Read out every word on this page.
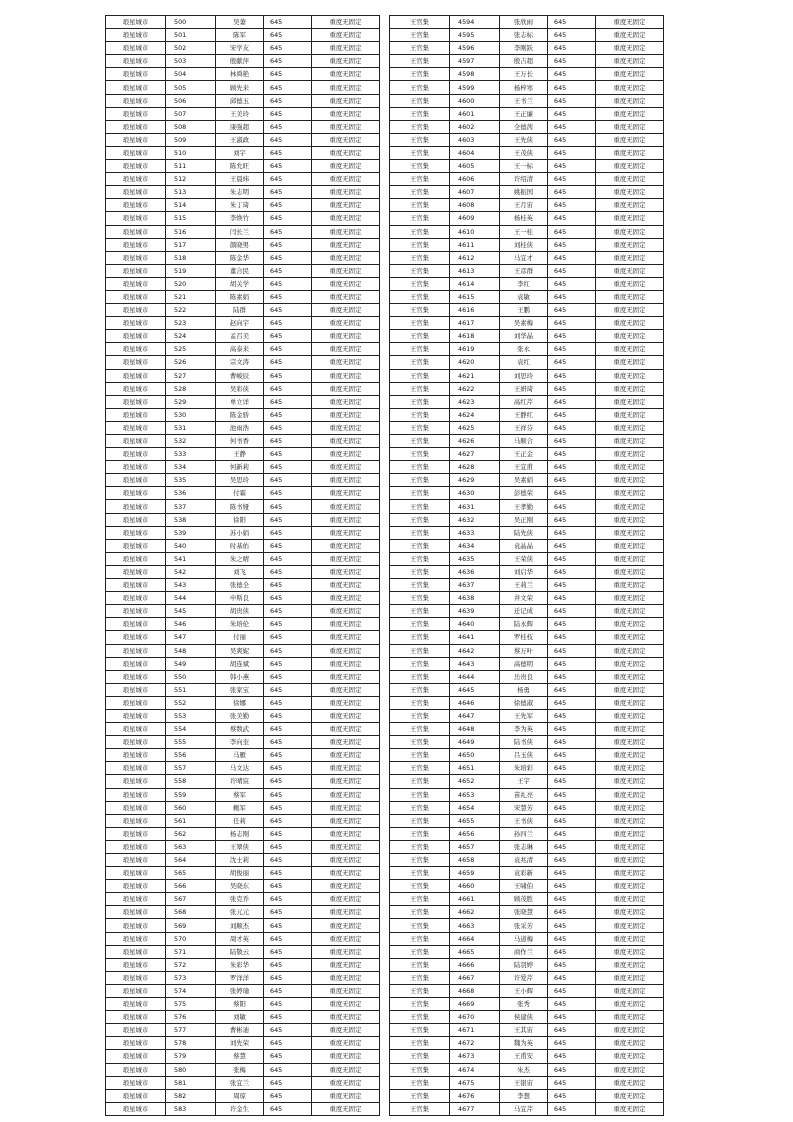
琅星城市	500	吴萋	645	重度无固定
琅星城市	501	陈军	645	重度无固定
琅星城市	502	宋学友	645	重度无固定
琅星城市	503	殷献萍	645	重度无固定
琅星城市	504	林舜艳	645	重度无固定
琅星城市	505	顾先来	645	重度无固定
琅星城市	506	邱德玉	645	重度无固定
琅星城市	507	王美玲	645	重度无固定
琅星城市	508	康强超	645	重度无固定
琅星城市	509	王淑政	645	重度无固定
琅星城市	510	刘宇	645	重度无固定
琅星城市	511	陈允旺	645	重度无固定
琅星城市	512	王晨炜	645	重度无固定
琅星城市	513	朱志明	645	重度无固定
琅星城市	514	朱丁琦	645	重度无固定
琅星城市	515	李焕竹	645	重度无固定
琅星城市	516	闫长兰	645	重度无固定
琅星城市	517	颜晓男	645	重度无固定
琅星城市	518	陈金华	645	重度无固定
琅星城市	519	董合民	645	重度无固定
琅星城市	520	胡关学	645	重度无固定
琅星城市	521	陈素娟	645	重度无固定
琅星城市	522	陆群	645	重度无固定
琅星城市	523	赵向宇	645	重度无固定
琅星城市	524	孟召美	645	重度无固定
琅星城市	525	高泰来	645	重度无固定
琅星城市	526	宗文涛	645	重度无固定
琅星城市	527	曹峻辰	645	重度无固定
琅星城市	528	吴彩侠	645	重度无固定
琅星城市	529	单立详	645	重度无固定
琅星城市	530	陈金骄	645	重度无固定
琅星城市	531	池雨浩	645	重度无固定
琅星城市	532	何书香	645	重度无固定
琅星城市	533	王静	645	重度无固定
琅星城市	534	何新莉	645	重度无固定
琅星城市	535	吴思玲	645	重度无固定
琅星城市	536	付霜	645	重度无固定
琅星城市	537	陈书娅	645	重度无固定
琅星城市	538	徐阳	645	重度无固定
琅星城市	539	苏小娟	645	重度无固定
琅星城市	540	时基佑	645	重度无固定
琅星城市	541	朱之晴	645	重度无固定
琅星城市	542	刘飞	645	重度无固定
琅星城市	543	张德全	645	重度无固定
琅星城市	544	申斯良	645	重度无固定
琅星城市	545	胡贵侠	645	重度无固定
琅星城市	546	朱培伦	645	重度无固定
琅星城市	547	付丽	645	重度无固定
琅星城市	548	吴爽妮	645	重度无固定
琅星城市	549	胡连斌	645	重度无固定
琅星城市	550	韩小燕	645	重度无固定
琅星城市	551	张家宝	645	重度无固定
琅星城市	552	徐娜	645	重度无固定
琅星城市	553	张美勤	645	重度无固定
琅星城市	554	蔡数武	645	重度无固定
琅星城市	555	李向奎	645	重度无固定
琅星城市	556	马雁	645	重度无固定
琅星城市	557	马文达	645	重度无固定
琅星城市	558	许晴宸	645	重度无固定
琅星城市	559	蔡军	645	重度无固定
琅星城市	560	鲍军	645	重度无固定
琅星城市	561	任莉	645	重度无固定
琅星城市	562	杨志刚	645	重度无固定
琅星城市	563	王翠侠	645	重度无固定
琅星城市	564	沈士莉	645	重度无固定
琅星城市	565	胡俊丽	645	重度无固定
琅星城市	566	吴晓东	645	重度无固定
琅星城市	567	张克乔	645	重度无固定
琅星城市	568	张元元	645	重度无固定
琅星城市	569	刘顺杰	645	重度无固定
琅星城市	570	周才英	645	重度无固定
琅星城市	571	陆敬云	645	重度无固定
琅星城市	572	朱彩华	645	重度无固定
琅星城市	573	罗洋洋	645	重度无固定
琅星城市	574	张婷瑜	645	重度无固定
琅星城市	575	蔡阳	645	重度无固定
琅星城市	576	刘敏	645	重度无固定
琅星城市	577	曹彬迪	645	重度无固定
琅星城市	578	刘先荣	645	重度无固定
琅星城市	579	蔡慧	645	重度无固定
琅星城市	580	张梅	645	重度无固定
琅星城市	581	张宜兰	645	重度无固定
琅星城市	582	周琼	645	重度无固定
琅星城市	583	许金生	645	重度无固定
王官集	4594	张欣雨	645	重度无固定
王官集	4595	张志标	645	重度无固定
王官集	4596	李刚跃	645	重度无固定
王官集	4597	殷吉超	645	重度无固定
王官集	4598	王万长	645	重度无固定
王官集	4599	杨梓寒	645	重度无固定
王官集	4600	王书兰	645	重度无固定
王官集	4601	王正廉	645	重度无固定
王官集	4602	全德茜	645	重度无固定
王官集	4603	王先侠	645	重度无固定
王官集	4604	王茂侠	645	重度无固定
王官集	4605	王一标	645	重度无固定
王官集	4606	许绍清	645	重度无固定
王官集	4607	姚振国	645	重度无固定
王官集	4608	王月宙	645	重度无固定
王官集	4609	杨桂英	645	重度无固定
王官集	4610	王一桂	645	重度无固定
王官集	4611	刘桂侠	645	重度无固定
王官集	4612	马宜才	645	重度无固定
王官集	4613	王彦群	645	重度无固定
王官集	4614	李红	645	重度无固定
王官集	4615	袁敏	645	重度无固定
王官集	4616	王鹏	645	重度无固定
王官集	4617	吴素梅	645	重度无固定
王官集	4618	刘华晶	645	重度无固定
王官集	4619	张永	645	重度无固定
王官集	4620	袁红	645	重度无固定
王官集	4621	刘思玲	645	重度无固定
王官集	4622	王妍琦	645	重度无固定
王官集	4623	高红芹	645	重度无固定
王官集	4624	王静红	645	重度无固定
王官集	4625	王祥芬	645	重度无固定
王官集	4626	马顺合	645	重度无固定
王官集	4627	王正金	645	重度无固定
王官集	4628	王宜甫	645	重度无固定
王官集	4629	吴素娟	645	重度无固定
王官集	4630	彭德荣	645	重度无固定
王官集	4631	王孝勤	645	重度无固定
王官集	4632	吴正刚	645	重度无固定
王官集	4633	陆先侠	645	重度无固定
王官集	4634	袁晶晶	645	重度无固定
王官集	4635	王荣侠	645	重度无固定
王官集	4636	刘启华	645	重度无固定
王官集	4637	王莉兰	645	重度无固定
王官集	4638	井文荣	645	重度无固定
王官集	4639	迁记成	645	重度无固定
王官集	4640	陆永辉	645	重度无固定
王官集	4641	罗桂枝	645	重度无固定
王官集	4642	蔡万叶	645	重度无固定
王官集	4643	高德明	645	重度无固定
王官集	4644	岳贵良	645	重度无固定
王官集	4645	杨勇	645	重度无固定
王官集	4646	徐德淑	645	重度无固定
王官集	4647	王先军	645	重度无固定
王官集	4648	李为英	645	重度无固定
王官集	4649	陆书侠	645	重度无固定
王官集	4650	吕玉侠	645	重度无固定
王官集	4651	朱培彩	645	重度无固定
王官集	4652	王宇	645	重度无固定
王官集	4653	苗礼亮	645	重度无固定
王官集	4654	宋慧芳	645	重度无固定
王官集	4655	王书侠	645	重度无固定
王官集	4656	孙四兰	645	重度无固定
王官集	4657	张志琳	645	重度无固定
王官集	4658	袁兆清	645	重度无固定
王官集	4659	袁彩新	645	重度无固定
王官集	4660	王啸伯	645	重度无固定
王官集	4661	顾茂胜	645	重度无固定
王官集	4662	张晓慧	645	重度无固定
王官集	4663	张采芳	645	重度无固定
王官集	4664	马道梅	645	重度无固定
王官集	4665	商作兰	645	重度无固定
王官集	4666	陆羽婷	645	重度无固定
王官集	4667	许爱芹	645	重度无固定
王官集	4668	王小辉	645	重度无固定
王官集	4669	张秀	645	重度无固定
王官集	4670	侯建侠	645	重度无固定
王官集	4671	王其宙	645	重度无固定
王官集	4672	魏为英	645	重度无固定
王官集	4673	王甫安	645	重度无固定
王官集	4674	朱杰	645	重度无固定
王官集	4675	王银宙	645	重度无固定
王官集	4676	李想	645	重度无固定
王官集	4677	马宜芹	645	重度无固定
